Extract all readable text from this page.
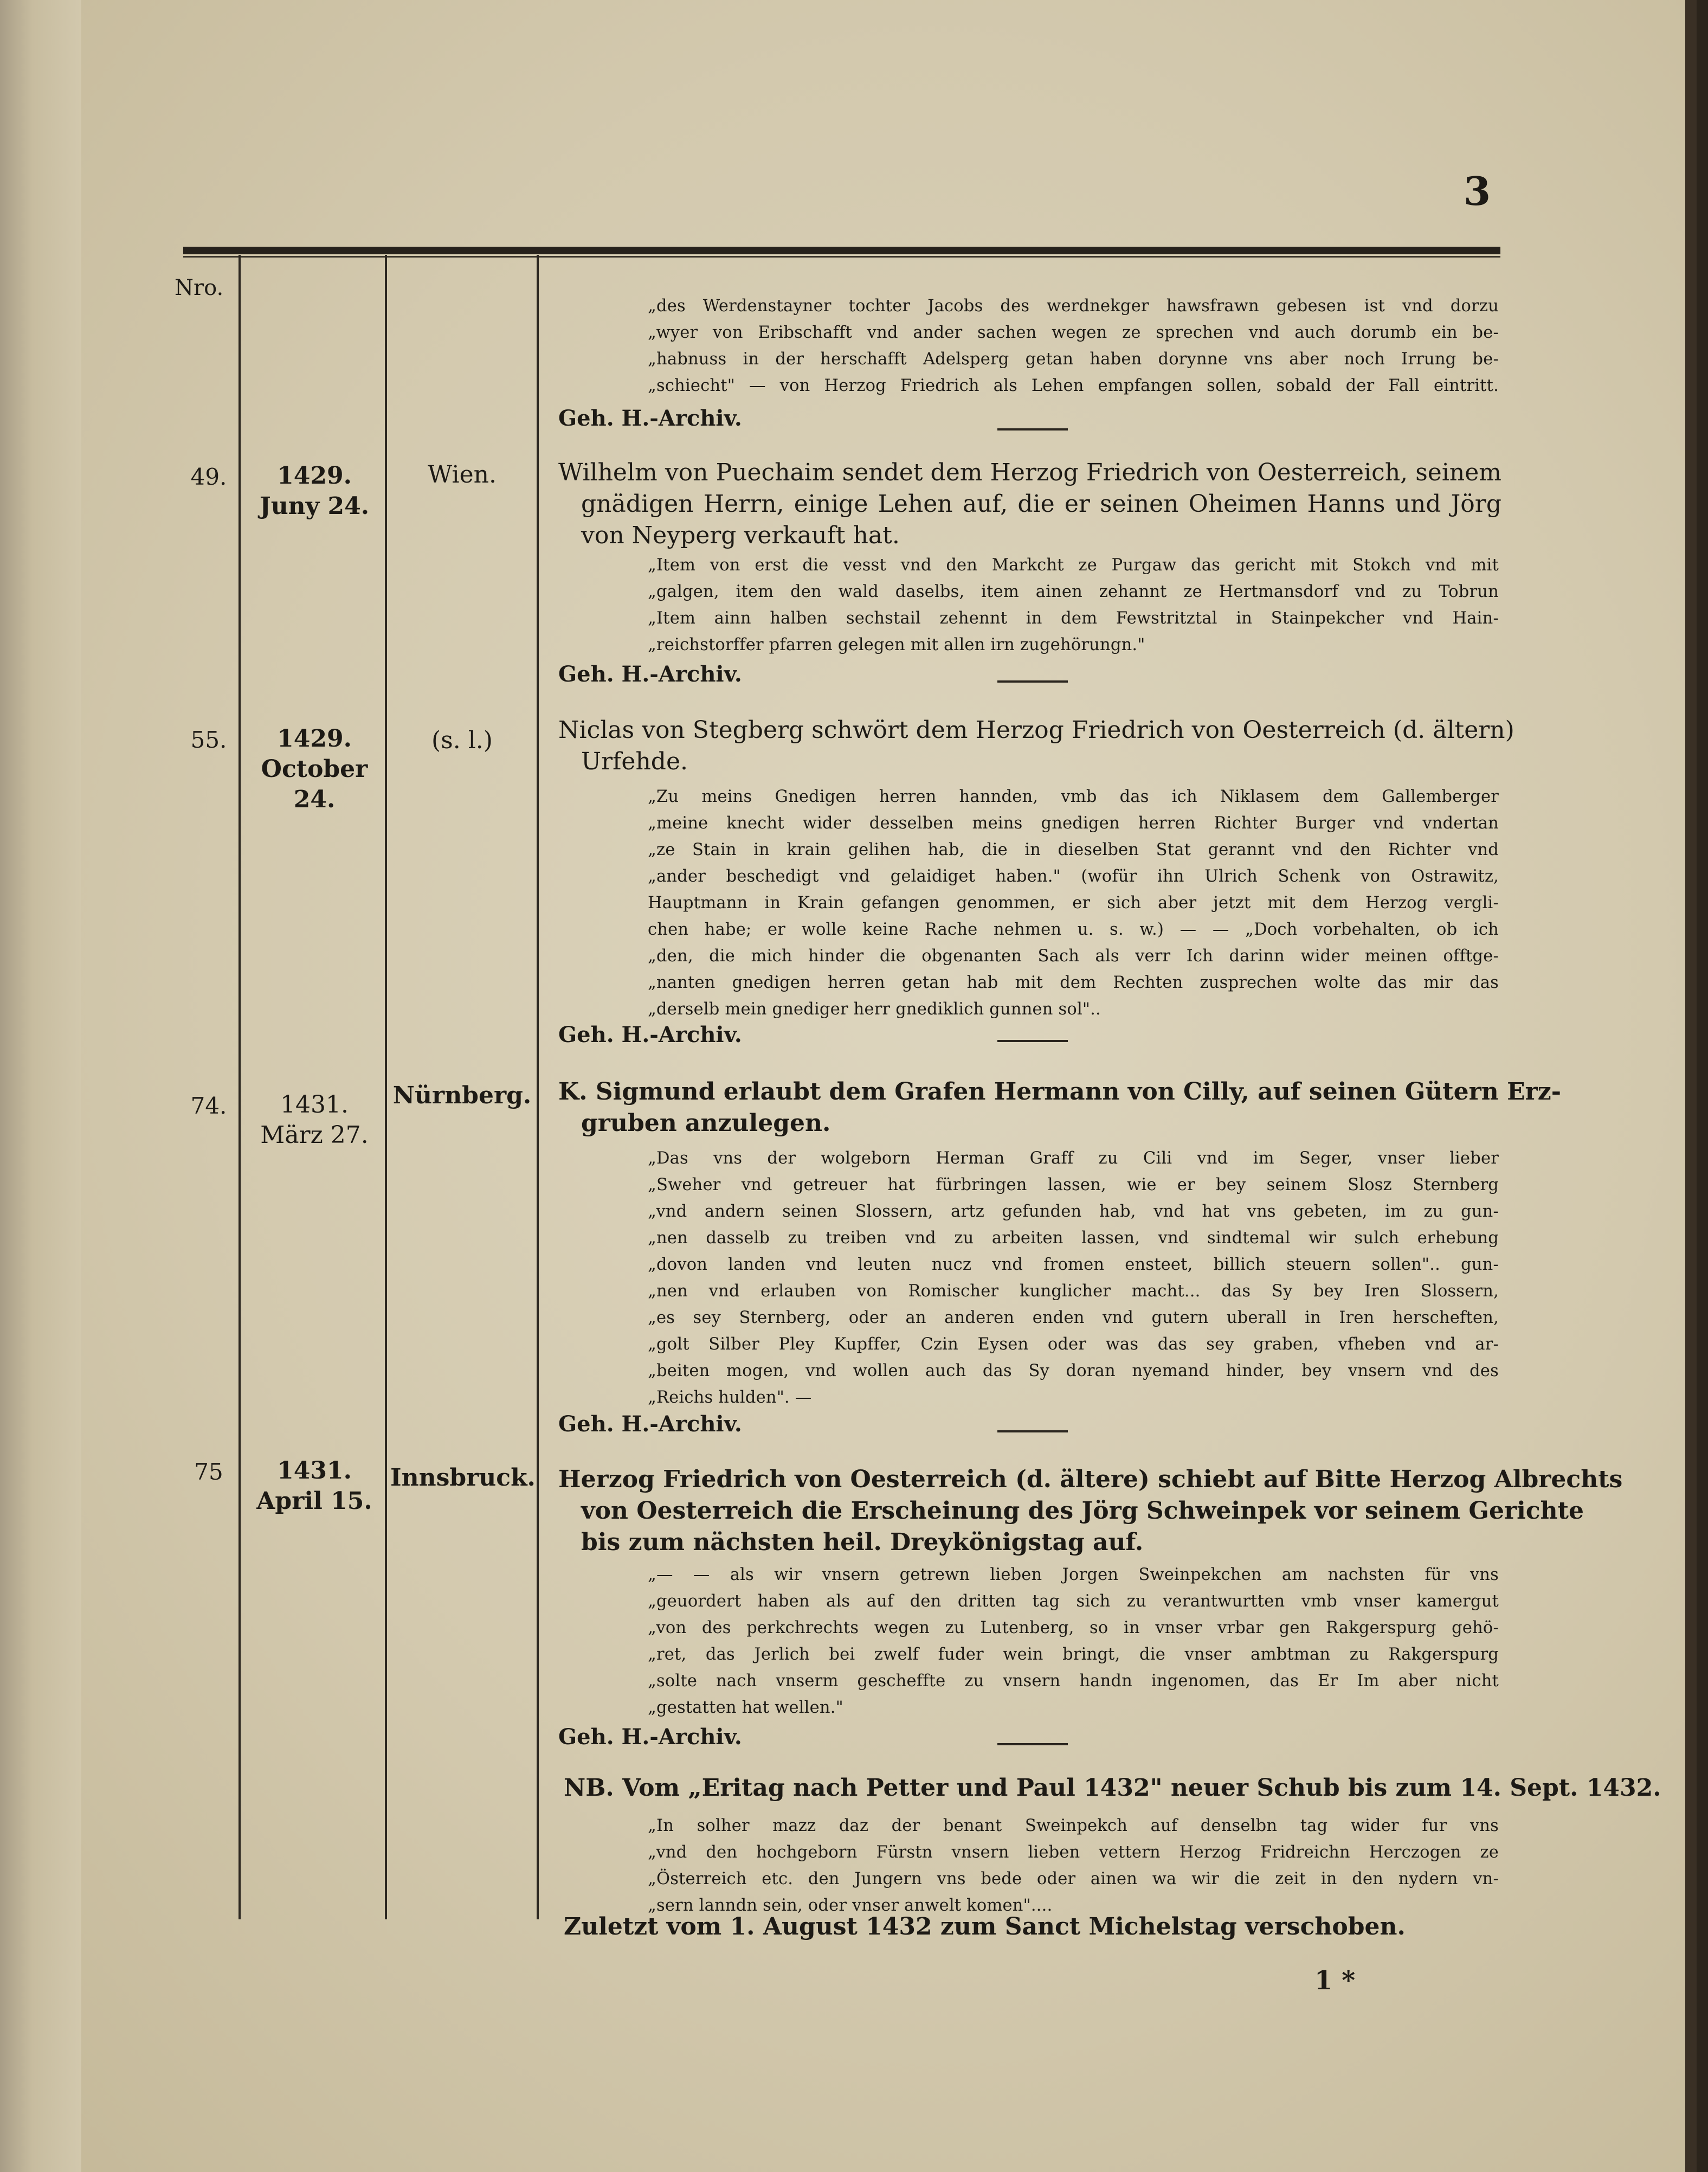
3
Nro.
„des Werdenstayner tochter Jacobs des werdnekger hawsfrawn gebesen ist vnd dorzu
„wyer von Eribschafft vnd ander sachen wegen ze sprechen vnd auch dorumb ein be-
„habnuss in der herschafft Adelsperg getan haben dorynne vns aber noch Irrung be-
„schiecht" — von Herzog Friedrich als Lehen empfangen sollen, sobald der Fall eintritt.
Geh. H.-Archiv.
49.	1429.
Juny 24.
Wien.	Wilhelm von Puechaim sendet dem Herzog Friedrich von Oesterreich, seinem
gnädigen Herrn, einige Lehen auf, die er seinen Oheimen Hanns und Jörg
von Neyperg verkauft hat.
„Item von erst die vesst vnd den Markcht ze Purgaw das gericht mit Stokch vnd mit
„galgen, item den wald daselbs, item ainen zehannt ze Hertmansdorf vnd zu Tobrun
„Item ainn halben sechstail zehennt in dem Fewstritztal in Stainpekcher vnd Hain-
„reichstorffer pfarren gelegen mit allen irn zugehörungn."
Geh. H.-Archiv.
55.	1429.
October 24.
(s. l.)	Niclas von Stegberg schwört dem Herzog Friedrich von Oesterreich (d. ältern)
Urfehde.
„Zu meins Gnedigen herren hannden, vmb das ich Niklasem dem Gallemberger
„meine knecht wider desselben meins gnedigen herren Richter Burger vnd vndertan
„ze Stain in krain gelihen hab, die in dieselben Stat gerannt vnd den Richter vnd
„ander beschedigt vnd gelaidiget haben." (wofür ihn Ulrich Schenk von Ostrawitz,
Hauptmann in Krain gefangen genommen, er sich aber jetzt mit dem Herzog vergli-
chen habe; er wolle keine Rache nehmen u. s. w.) — — „Doch vorbehalten, ob ich
„den, die mich hinder die obgenanten Sach als verr Ich darinn wider meinen offtge-
„nanten gnedigen herren getan hab mit dem Rechten zusprechen wolte das mir das
„derselb mein gnediger herr gnediklich gunnen sol"..
Geh. H.-Archiv.
74.	1431.
März 27.
Nürnberg. K. Sigmund erlaubt dem Grafen Hermann von Cilly, auf seinen Gütern Erz-
gruben anzulegen.
„Das vns der wolgeborn Herman Graff zu Cili vnd im Seger, vnser lieber
„Sweher vnd getreuer hat fürbringen lassen, wie er bey seinem Slosz Sternberg
„vnd andern seinen Slossern, artz gefunden hab, vnd hat vns gebeten, im zu gun-
„nen dasselb zu treiben vnd zu arbeiten lassen, vnd sindtemal wir sulch erhebung
„dovon landen vnd leuten nucz vnd fromen ensteet, billich steuern sollen".. gun-
„nen vnd erlauben von Romischer kunglicher macht... das Sy bey Iren Slossern,
„es sey Sternberg, oder an anderen enden vnd gutern uberall in Iren herscheften,
„golt Silber Pley Kupffer, Czin Eysen oder was das sey graben, vfheben vnd ar-
„beiten mogen, vnd wollen auch das Sy doran nyemand hinder, bey vnsern vnd des
„Reichs hulden". —
Geh. H.-Archiv.
75	1431.
April 15.
Innsbruck. Herzog Friedrich von Oesterreich (d. ältere) schiebt auf Bitte Herzog Albrechts
von Oesterreich die Erscheinung des Jörg Schweinpek vor seinem Gerichte
bis zum nächsten heil. Dreykönigstag auf.
„— — als wir vnsern getrewn lieben Jorgen Sweinpekchen am nachsten für vns
„geuordert haben als auf den dritten tag sich zu verantwurtten vmb vnser kamergut
„von des perkchrechts wegen zu Lutenberg, so in vnser vrbar gen Rakgerspurg gehö-
„ret, das Jerlich bei zwelf fuder wein bringt, die vnser ambtman zu Rakgerspurg
„solte nach vnserm gescheffte zu vnsern handn ingenomen, das Er Im aber nicht
„gestatten hat wellen."
Geh. H.-Archiv.
NB. Vom „Eritag nach Petter und Paul 1432" neuer Schub bis zum 14. Sept. 1432.
„In solher mazz daz der benant Sweinpekch auf denselbn tag wider fur vns
„vnd den hochgeborn Fürstn vnsern lieben vettern Herzog Fridreichn Herczogen ze
„Österreich etc. den Jungern vns bede oder ainen wa wir die zeit in den nydern vn-
„sern lanndn sein, oder vnser anwelt komen"....
Zuletzt vom 1. August 1432 zum Sanct Michelstag verschoben.
1 *
